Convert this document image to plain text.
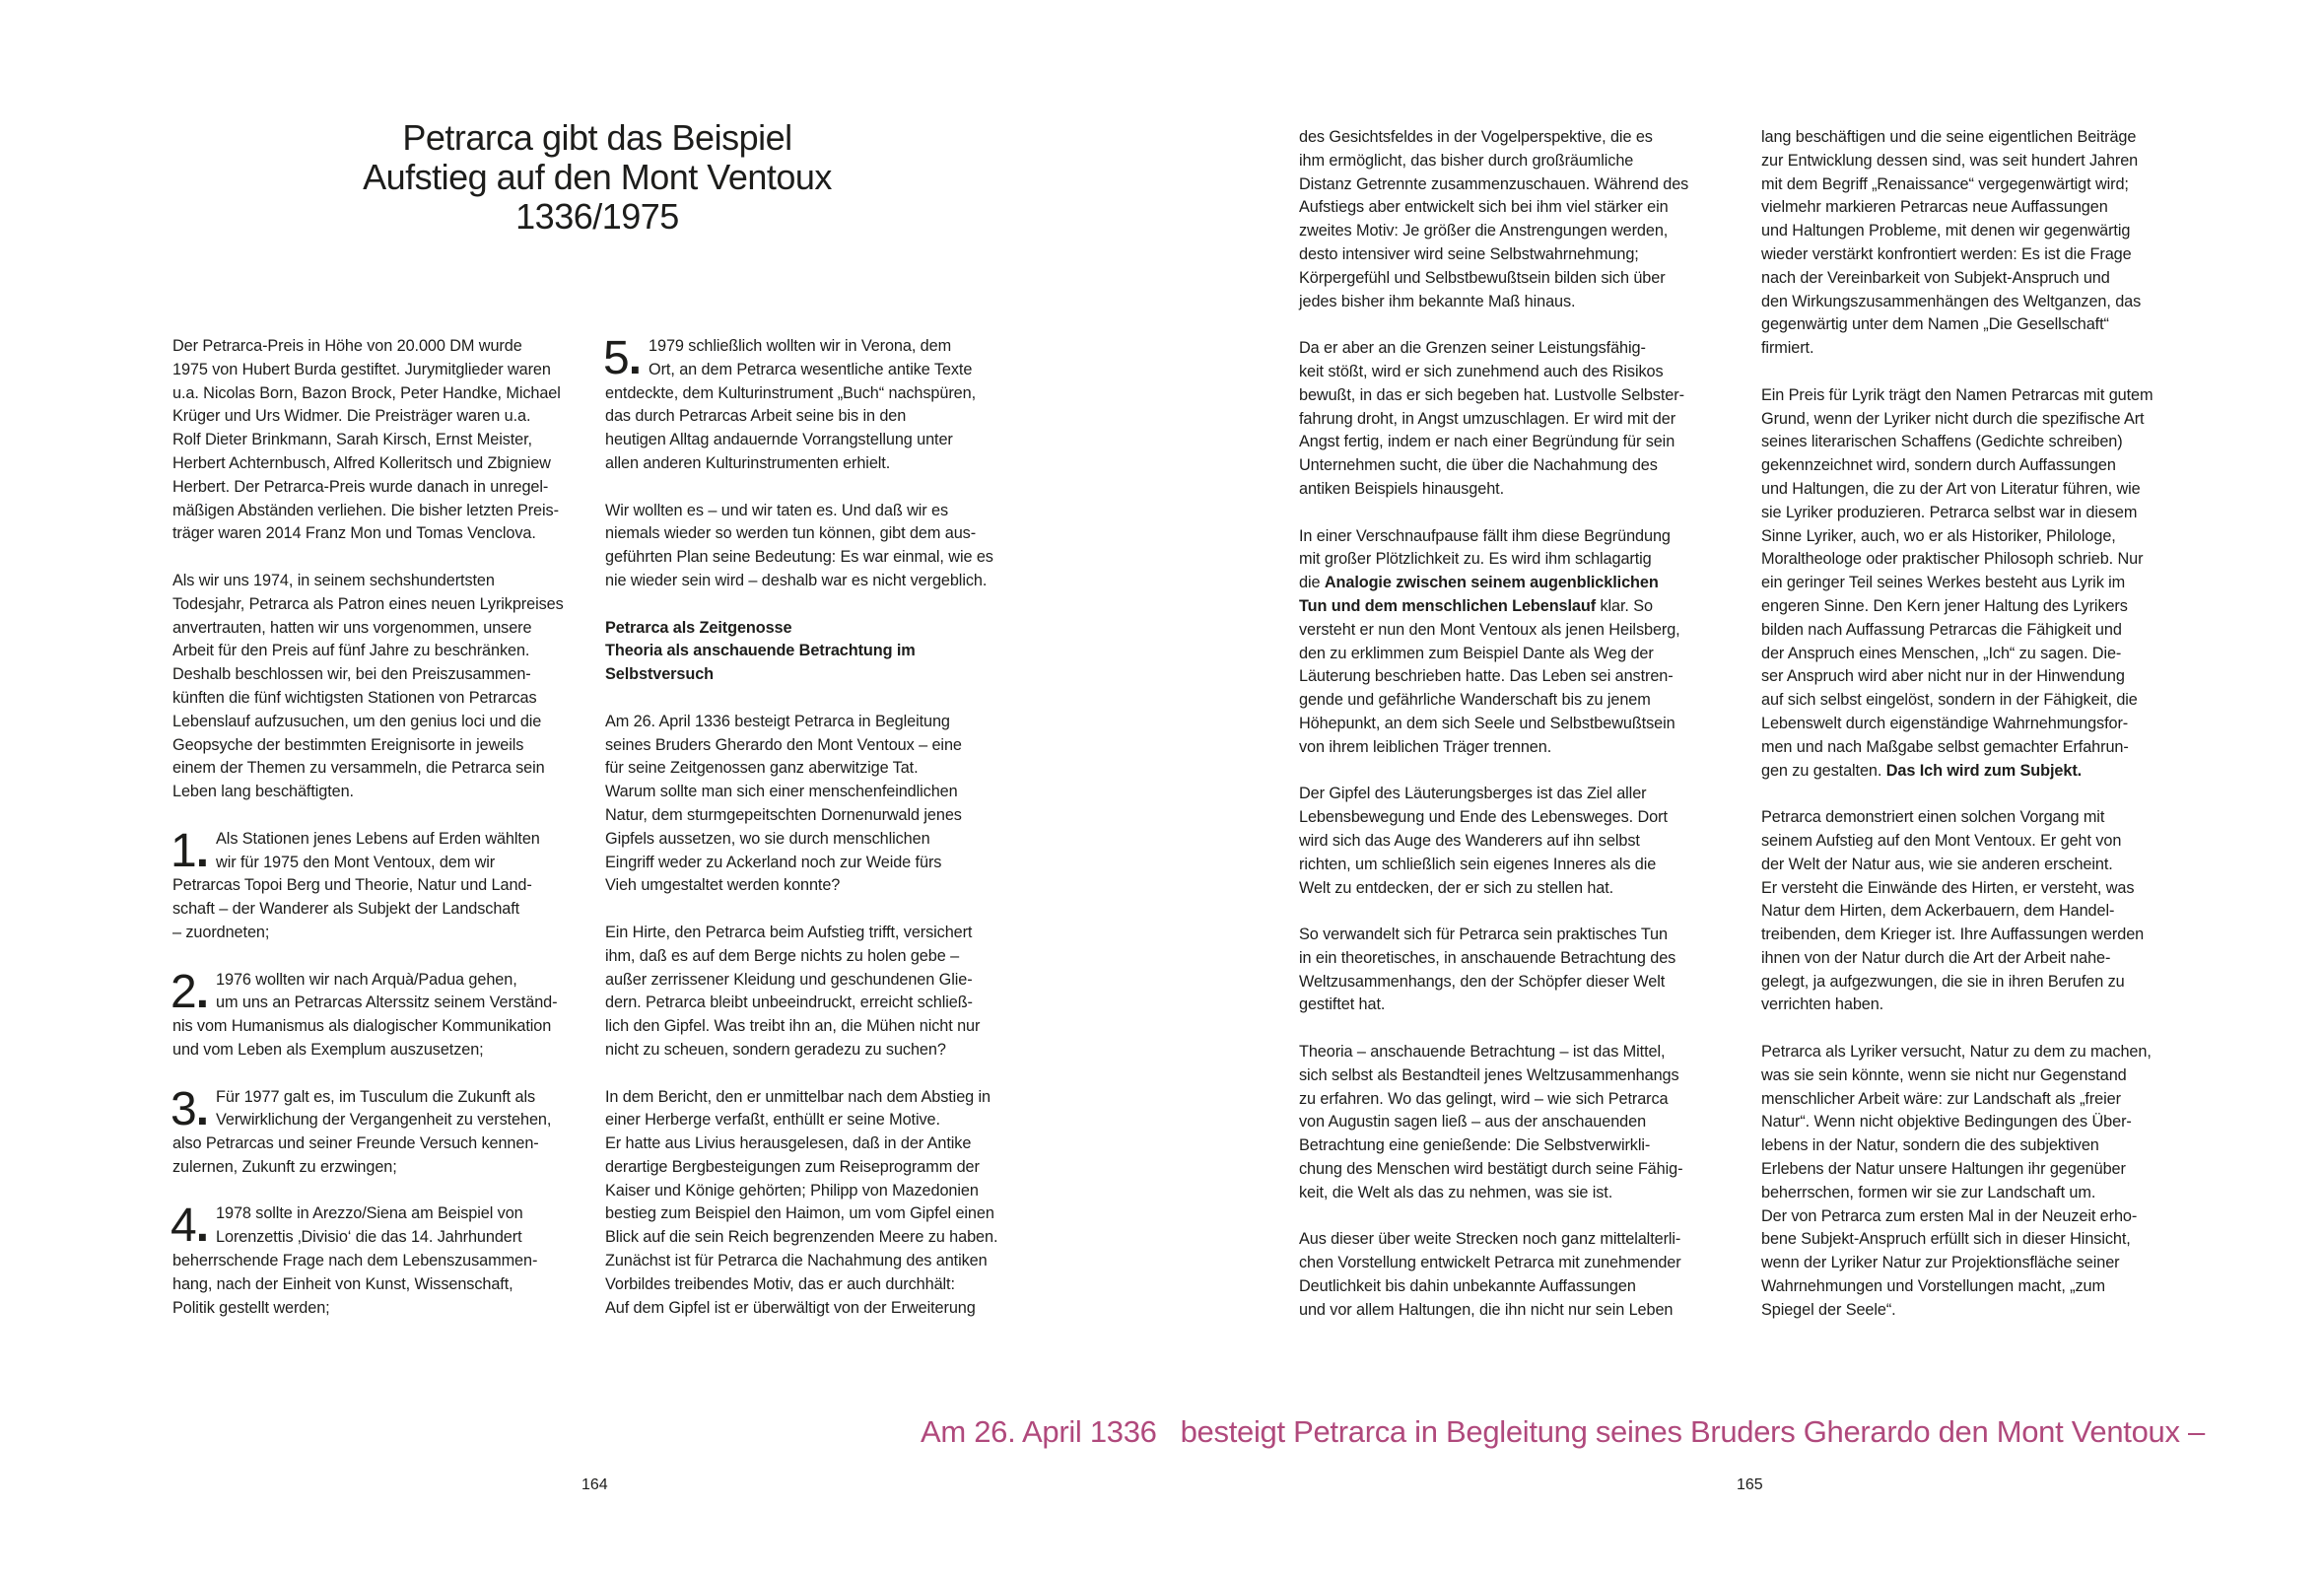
Petrarca gibt das Beispiel
Aufstieg auf den Mont Ventoux
1336/1975

Der Petrarca-Preis in Höhe von 20.000 DM wurde
1975 von Hubert Burda gestiftet. Jurymitglieder waren
u.a. Nicolas Born, Bazon Brock, Peter Handke, Michael
Krüger und Urs Widmer. Die Preisträger waren u.a.
Rolf Dieter Brinkmann, Sarah Kirsch, Ernst Meister,
Herbert Achternbusch, Alfred Kolleritsch und Zbigniew
Herbert. Der Petrarca-Preis wurde danach in unregel-
mäßigen Abständen verliehen. Die bisher letzten Preis-
träger waren 2014 Franz Mon und Tomas Venclova.

Als wir uns 1974, in seinem sechshundertsten
Todesjahr, Petrarca als Patron eines neuen Lyrikpreises
anvertrauten, hatten wir uns vorgenommen, unsere
Arbeit für den Preis auf fünf Jahre zu beschränken.
Deshalb beschlossen wir, bei den Preiszusammen-
künften die fünf wichtigsten Stationen von Petrarcas
Lebenslauf aufzusuchen, um den genius loci und die
Geopsyche der bestimmten Ereignisorte in jeweils
einem der Themen zu versammeln, die Petrarca sein
Leben lang beschäftigten.

1. Als Stationen jenes Lebens auf Erden wählten
wir für 1975 den Mont Ventoux, dem wir
Petrarcas Topoi Berg und Theorie, Natur und Land-
schaft – der Wanderer als Subjekt der Landschaft
– zuordneten;
2. 1976 wollten wir nach Arquà/Padua gehen,
um uns an Petrarcas Alterssitz seinem Verständ-
nis vom Humanismus als dialogischer Kommunikation
und vom Leben als Exemplum auszusetzen;
3. Für 1977 galt es, im Tusculum die Zukunft als
Verwirklichung der Vergangenheit zu verstehen,
also Petrarcas und seiner Freunde Versuch kennen-
zulernen, Zukunft zu erzwingen;
4. 1978 sollte in Arezzo/Siena am Beispiel von
Lorenzettis ‚Divisio‘ die das 14. Jahrhundert
beherrschende Frage nach dem Lebenszusammen-
hang, nach der Einheit von Kunst, Wissenschaft,
Politik gestellt werden;
5. 1979 schließlich wollten wir in Verona, dem
Ort, an dem Petrarca wesentliche antike Texte
entdeckte, dem Kulturinstrument „Buch“ nachspüren,
das durch Petrarcas Arbeit seine bis in den
heutigen Alltag andauernde Vorrangstellung unter
allen anderen Kulturinstrumenten erhielt.

Wir wollten es – und wir taten es. Und daß wir es
niemals wieder so werden tun können, gibt dem aus-
geführten Plan seine Bedeutung: Es war einmal, wie es
nie wieder sein wird – deshalb war es nicht vergeblich.

Petrarca als Zeitgenosse
Theoria als anschauende Betrachtung im
Selbstversuch

Am 26. April 1336 besteigt Petrarca in Begleitung
seines Bruders Gherardo den Mont Ventoux – eine
für seine Zeitgenossen ganz aberwitzige Tat.
Warum sollte man sich einer menschenfeindlichen
Natur, dem sturmgepeitschten Dornenurwald jenes
Gipfels aussetzen, wo sie durch menschlichen
Eingriff weder zu Ackerland noch zur Weide fürs
Vieh umgestaltet werden konnte?

Ein Hirte, den Petrarca beim Aufstieg trifft, versichert
ihm, daß es auf dem Berge nichts zu holen gebe –
außer zerrissener Kleidung und geschundenen Glie-
dern. Petrarca bleibt unbeeindruckt, erreicht schließ-
lich den Gipfel. Was treibt ihn an, die Mühen nicht nur
nicht zu scheuen, sondern geradezu zu suchen?

In dem Bericht, den er unmittelbar nach dem Abstieg in
einer Herberge verfaßt, enthüllt er seine Motive.
Er hatte aus Livius herausgelesen, daß in der Antike
derartige Bergbesteigungen zum Reiseprogramm der
Kaiser und Könige gehörten; Philipp von Mazedonien
bestieg zum Beispiel den Haimon, um vom Gipfel einen
Blick auf die sein Reich begrenzenden Meere zu haben.
Zunächst ist für Petrarca die Nachahmung des antiken
Vorbildes treibendes Motiv, das er auch durchhält:
Auf dem Gipfel ist er überwältigt von der Erweiterung

des Gesichtsfeldes in der Vogelperspektive, die es
ihm ermöglicht, das bisher durch großräumliche
Distanz Getrennte zusammenzuschauen. Während des
Aufstiegs aber entwickelt sich bei ihm viel stärker ein
zweites Motiv: Je größer die Anstrengungen werden,
desto intensiver wird seine Selbstwahrnehmung;
Körpergefühl und Selbstbewußtsein bilden sich über
jedes bisher ihm bekannte Maß hinaus.

Da er aber an die Grenzen seiner Leistungsfähig-
keit stößt, wird er sich zunehmend auch des Risikos
bewußt, in das er sich begeben hat. Lustvolle Selbster-
fahrung droht, in Angst umzuschlagen. Er wird mit der
Angst fertig, indem er nach einer Begründung für sein
Unternehmen sucht, die über die Nachahmung des
antiken Beispiels hinausgeht.

In einer Verschnaufpause fällt ihm diese Begründung
mit großer Plötzlichkeit zu. Es wird ihm schlagartig
die Analogie zwischen seinem augenblicklichen
Tun und dem menschlichen Lebenslauf klar. So
versteht er nun den Mont Ventoux als jenen Heilsberg,
den zu erklimmen zum Beispiel Dante als Weg der
Läuterung beschrieben hatte. Das Leben sei anstren-
gende und gefährliche Wanderschaft bis zu jenem
Höhepunkt, an dem sich Seele und Selbstbewußtsein
von ihrem leiblichen Träger trennen.

Der Gipfel des Läuterungsberges ist das Ziel aller
Lebensbewegung und Ende des Lebensweges. Dort
wird sich das Auge des Wanderers auf ihn selbst
richten, um schließlich sein eigenes Inneres als die
Welt zu entdecken, der er sich zu stellen hat.

So verwandelt sich für Petrarca sein praktisches Tun
in ein theoretisches, in anschauende Betrachtung des
Weltzusammenhangs, den der Schöpfer dieser Welt
gestiftet hat.

Theoria – anschauende Betrachtung – ist das Mittel,
sich selbst als Bestandteil jenes Weltzusammenhangs
zu erfahren. Wo das gelingt, wird – wie sich Petrarca
von Augustin sagen ließ – aus der anschauenden
Betrachtung eine genießende: Die Selbstverwirkli-
chung des Menschen wird bestätigt durch seine Fähig-
keit, die Welt als das zu nehmen, was sie ist.

Aus dieser über weite Strecken noch ganz mittelalterli-
chen Vorstellung entwickelt Petrarca mit zunehmender
Deutlichkeit bis dahin unbekannte Auffassungen
und vor allem Haltungen, die ihn nicht nur sein Leben

lang beschäftigen und die seine eigentlichen Beiträge
zur Entwicklung dessen sind, was seit hundert Jahren
mit dem Begriff „Renaissance“ vergegenwärtigt wird;
vielmehr markieren Petrarcas neue Auffassungen
und Haltungen Probleme, mit denen wir gegenwärtig
wieder verstärkt konfrontiert werden: Es ist die Frage
nach der Vereinbarkeit von Subjekt-Anspruch und
den Wirkungszusammenhängen des Weltganzen, das
gegenwärtig unter dem Namen „Die Gesellschaft“
firmiert.

Ein Preis für Lyrik trägt den Namen Petrarcas mit gutem
Grund, wenn der Lyriker nicht durch die spezifische Art
seines literarischen Schaffens (Gedichte schreiben)
gekennzeichnet wird, sondern durch Auffassungen
und Haltungen, die zu der Art von Literatur führen, wie
sie Lyriker produzieren. Petrarca selbst war in diesem
Sinne Lyriker, auch, wo er als Historiker, Philologe,
Moraltheologe oder praktischer Philosoph schrieb. Nur
ein geringer Teil seines Werkes besteht aus Lyrik im
engeren Sinne. Den Kern jener Haltung des Lyrikers
bilden nach Auffassung Petrarcas die Fähigkeit und
der Anspruch eines Menschen, „Ich“ zu sagen. Die-
ser Anspruch wird aber nicht nur in der Hinwendung
auf sich selbst eingelöst, sondern in der Fähigkeit, die
Lebenswelt durch eigenständige Wahrnehmungsfor-
men und nach Maßgabe selbst gemachter Erfahrun-
gen zu gestalten. Das Ich wird zum Subjekt.

Petrarca demonstriert einen solchen Vorgang mit
seinem Aufstieg auf den Mont Ventoux. Er geht von
der Welt der Natur aus, wie sie anderen erscheint.
Er versteht die Einwände des Hirten, er versteht, was
Natur dem Hirten, dem Ackerbauern, dem Handel-
treibenden, dem Krieger ist. Ihre Auffassungen werden
ihnen von der Natur durch die Art der Arbeit nahe-
gelegt, ja aufgezwungen, die sie in ihren Berufen zu
verrichten haben.

Petrarca als Lyriker versucht, Natur zu dem zu machen,
was sie sein könnte, wenn sie nicht nur Gegenstand
menschlicher Arbeit wäre: zur Landschaft als „freier
Natur“. Wenn nicht objektive Bedingungen des Über-
lebens in der Natur, sondern die des subjektiven
Erlebens der Natur unsere Haltungen ihr gegenüber
beherrschen, formen wir sie zur Landschaft um.
Der von Petrarca zum ersten Mal in der Neuzeit erho-
bene Subjekt-Anspruch erfüllt sich in dieser Hinsicht,
wenn der Lyriker Natur zur Projektionsfläche seiner
Wahrnehmungen und Vorstellungen macht, „zum
Spiegel der Seele“.

Am 26. April 1336 besteigt Petrarca in Begleitung seines Bruders Gherardo den Mont Ventoux –
164	165
